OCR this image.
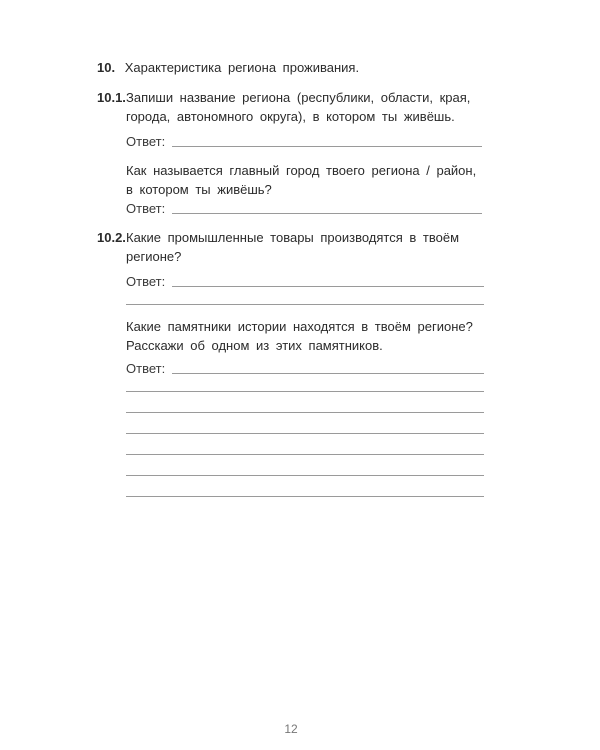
10. Характеристика региона проживания.
10.1. Запиши название региона (республики, области, края,
города, автономного округа), в котором ты живёшь.
Ответ:
Как называется главный город твоего региона / район,
в котором ты живёшь?
Ответ:
10.2. Какие промышленные товары производятся в твоём
регионе?
Ответ:
Какие памятники истории находятся в твоём регионе?
Расскажи об одном из этих памятников.
Ответ:
12
